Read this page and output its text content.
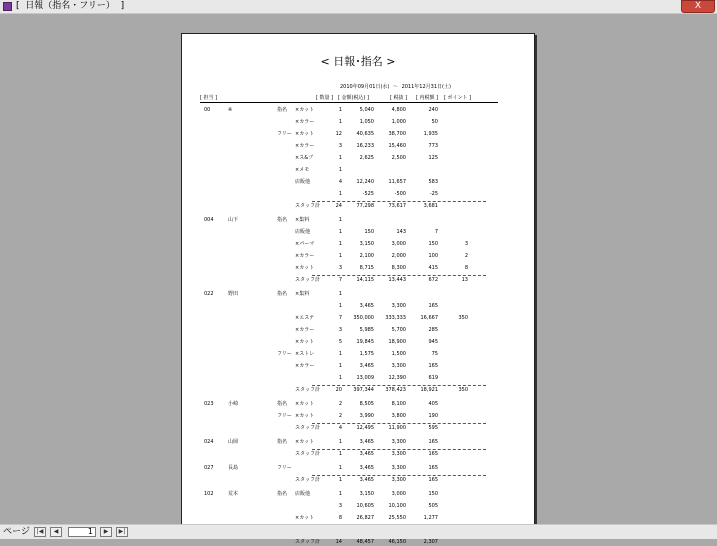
[  日報（指名・フリー）  ]	X
< 日報･指名 >
2010年09月01日(水) ～ 2011年12月31日(土)
[ 担当 ]	[ 数量 ] [ 金額(税込) ]	[ 税抜 ] [ 内税額 ] [ ポイント ]
00	※	指名 ×カット	1	5,040	4,800	240
×カラー	1	1,050	1,000	50
フリー ×カット	12	40,635	38,700	1,935
×カラー	3	16,233	15,460	773
×ス&ブ	1	2,625	2,500	125
×メモ	1
店販他	4	12,240	11,657	583
1	-525	-500	-25
スタッフ計	24	77,298	73,617	3,681
004	山下	指名 ×集料	1
店販他	1	150	143	7
×パーマ	1	3,150	3,000	150	3
×カラー	1	2,100	2,000	100	2
×カット	3	8,715	8,300	415	8
スタッフ計	7	14,115	13,443	672	13
022	野田	指名 ×集料	1
1	3,465	3,300	165
×エステ	7	350,000	333,333	16,667	350
×カラー	3	5,985	5,700	285
×カット	5	19,845	18,900	945
フリー ×ストレ	1	1,575	1,500	75
×カラー	1	3,465	3,300	165
1	13,009	12,390	619
スタッフ計	20	397,344	378,423	18,921	350
023	小崎	指名 ×カット	2	8,505	8,100	405
フリー ×カット	2	3,990	3,800	190
スタッフ計	4	12,495	11,900	595
024	山岡	指名 ×カット	1	3,465	3,300	165
スタッフ計	1	3,465	3,300	165
027	長島	フリー	1	3,465	3,300	165
スタッフ計	1	3,465	3,300	165
102	荒本	指名 店販他	1	3,150	3,000	150
3	10,605	10,100	505
×カット	8	26,827	25,550	1,277
スタッフ計	14	48,457	46,150	2,307
ページ	|◀	◀	1	▶	▶|
